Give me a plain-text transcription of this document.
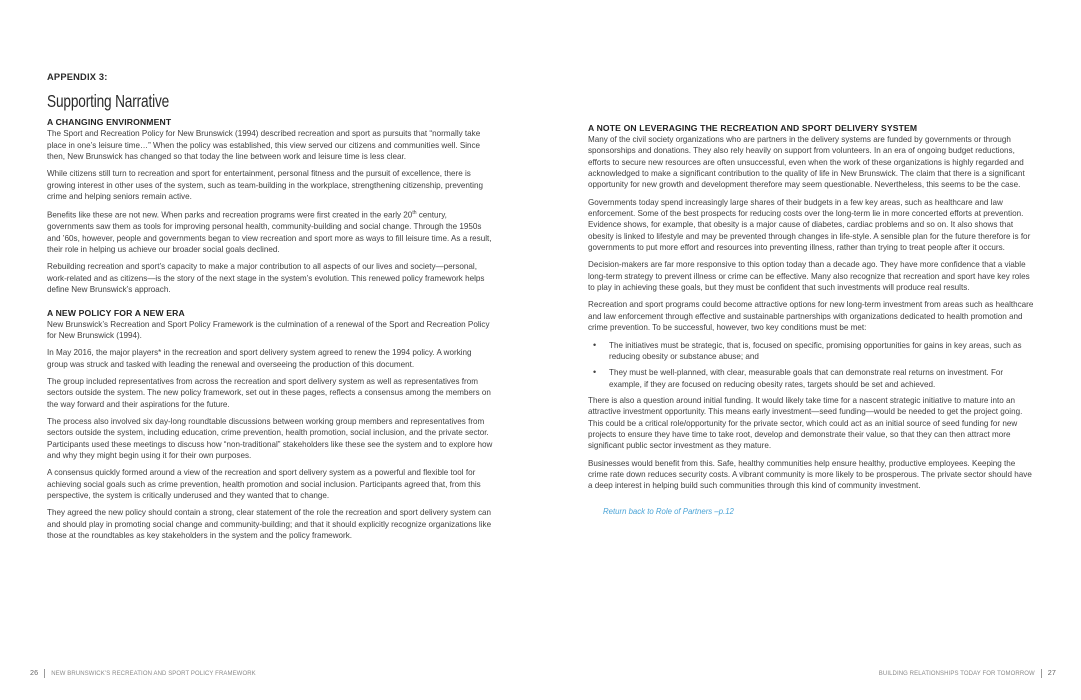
APPENDIX 3:
Supporting Narrative
A CHANGING ENVIRONMENT

The Sport and Recreation Policy for New Brunswick (1994) described recreation and sport as pursuits that “normally take place in one’s leisure time…” When the policy was established, this view served our citizens and communities well. Since then, New Brunswick has changed so that today the line between work and leisure time is less clear.

While citizens still turn to recreation and sport for entertainment, personal fitness and the pursuit of excellence, there is growing interest in other uses of the system, such as team-building in the workplace, strengthening citizenship, preventing crime and helping seniors remain active.

Benefits like these are not new. When parks and recreation programs were first created in the early 20th century, governments saw them as tools for improving personal health, community-building and social change. Through the 1950s and ’60s, however, people and governments began to view recreation and sport more as ways to fill leisure time. As a result, their role in helping us achieve our broader social goals declined.

Rebuilding recreation and sport’s capacity to make a major contribution to all aspects of our lives and society—personal, work-related and as citizens—is the story of the next stage in the system’s evolution. This renewed policy framework helps define New Brunswick’s approach.

A NEW POLICY FOR A NEW ERA

New Brunswick’s Recreation and Sport Policy Framework is the culmination of a renewal of the Sport and Recreation Policy for New Brunswick (1994).

In May 2016, the major players* in the recreation and sport delivery system agreed to renew the 1994 policy. A working group was struck and tasked with leading the renewal and overseeing the production of this document.

The group included representatives from across the recreation and sport delivery system as well as representatives from sectors outside the system. The new policy framework, set out in these pages, reflects a consensus among the members on the way forward and their aspirations for the future.

The process also involved six day-long roundtable discussions between working group members and representatives from sectors outside the system, including education, crime prevention, health promotion, social inclusion, and the private sector. Participants used these meetings to discuss how “non-traditional” stakeholders like these see the system and to explore how and why they might begin using it for their own purposes.

A consensus quickly formed around a view of the recreation and sport delivery system as a powerful and flexible tool for achieving social goals such as crime prevention, health promotion and social inclusion. Participants agreed that, from this perspective, the system is critically underused and they wanted that to change.

They agreed the new policy should contain a strong, clear statement of the role the recreation and sport delivery system can and should play in promoting social change and community-building; and that it should explicitly recognize organizations like those at the roundtables as key stakeholders in the system and the policy framework.

26 NEW BRUNSWICK’S RECREATION AND SPORT POLICY FRAMEWORK
A NOTE ON LEVERAGING THE RECREATION AND SPORT DELIVERY SYSTEM

Many of the civil society organizations who are partners in the delivery systems are funded by governments or through sponsorships and donations. They also rely heavily on support from volunteers. In an era of ongoing budget reductions, efforts to secure new resources are often unsuccessful, even when the work of these organizations is highly regarded and acknowledged to make a significant contribution to the quality of life in New Brunswick. The claim that there is a significant opportunity for new growth and development therefore may seem questionable. Nevertheless, this seems to be the case.

Governments today spend increasingly large shares of their budgets in a few key areas, such as healthcare and law enforcement. Some of the best prospects for reducing costs over the long-term lie in more concerted efforts at prevention. Evidence shows, for example, that obesity is a major cause of diabetes, cardiac problems and so on. It also shows that obesity is linked to lifestyle and may be prevented through changes in life-style. A sensible plan for the future therefore is for governments to put more effort and resources into preventing illness, rather than trying to treat people after it occurs.

Decision-makers are far more responsive to this option today than a decade ago. They have more confidence that a viable long-term strategy to prevent illness or crime can be effective. Many also recognize that recreation and sport have key roles to play in achieving these goals, but they must be confident that such investments will produce real results.

Recreation and sport programs could become attractive options for new long-term investment from areas such as healthcare and law enforcement through effective and sustainable partnerships with organizations dedicated to health promotion and crime prevention. To be successful, however, two key conditions must be met:

• The initiatives must be strategic, that is, focused on specific, promising opportunities for gains in key areas, such as reducing obesity or substance abuse; and
• They must be well-planned, with clear, measurable goals that can demonstrate real returns on investment. For example, if they are focused on reducing obesity rates, targets should be set and achieved.

There is also a question around initial funding. It would likely take time for a nascent strategic initiative to mature into an attractive investment opportunity. This means early investment—seed funding—would be needed to get the project going. This could be a critical role/opportunity for the private sector, which could act as an initial source of seed funding for new projects to ensure they have time to take root, develop and demonstrate their value, so that they can then attract more significant public sector investment as they mature.

Businesses would benefit from this. Safe, healthy communities help ensure healthy, productive employees. Keeping the crime rate down reduces security costs. A vibrant community is more likely to be prosperous. The private sector should have a deep interest in helping build such communities through this kind of community investment.

Return back to Role of Partners –p.12
BUILDING RELATIONSHIPS TODAY FOR TOMORROW 27
